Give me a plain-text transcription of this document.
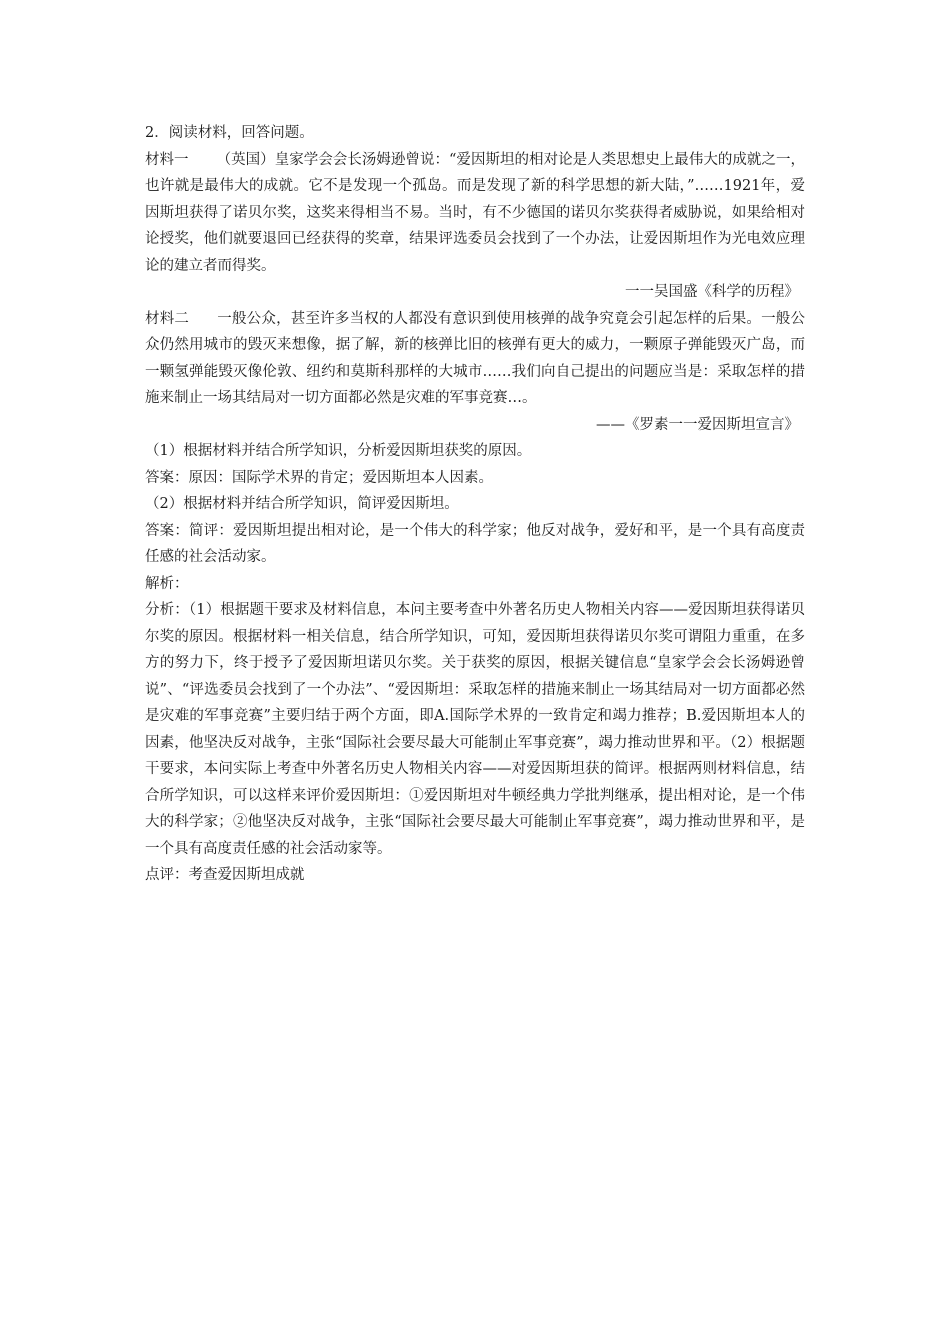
2．阅读材料，回答问题。
材料一 （英国）皇家学会会长汤姆逊曾说：“爱因斯坦的相对论是人类思想史上最伟大的成就之一，也许就是最伟大的成就。它不是发现一个孤岛。而是发现了新的科学思想的新大陆，”……1921年，爱因斯坦获得了诺贝尔奖，这奖来得相当不易。当时，有不少德国的诺贝尔奖获得者威胁说，如果给相对论授奖，他们就要退回已经获得的奖章，结果评选委员会找到了一个办法，让爱因斯坦作为光电效应理论的建立者而得奖。
一一吴国盛《科学的历程》
材料二 一般公众，甚至许多当权的人都没有意识到使用核弹的战争究竟会引起怎样的后果。一般公众仍然用城市的毁灭来想像，据了解，新的核弹比旧的核弹有更大的威力，一颗原子弹能毁灭广岛，而一颗氢弹能毁灭像伦敦、纽约和莫斯科那样的大城市……我们向自己提出的问题应当是：采取怎样的措施来制止一场其结局对一切方面都必然是灾难的军事竞赛…。
——《罗素一一爱因斯坦宣言》
（1）根据材料并结合所学知识，分析爱因斯坦获奖的原因。
答案：原因：国际学术界的肯定；爱因斯坦本人因素。
（2）根据材料并结合所学知识，简评爱因斯坦。
答案：简评：爱因斯坦提出相对论，是一个伟大的科学家；他反对战争，爱好和平，是一个具有高度责任感的社会活动家。
解析：
分析：（1）根据题干要求及材料信息，本问主要考查中外著名历史人物相关内容——爱因斯坦获得诺贝尔奖的原因。根据材料一相关信息，结合所学知识，可知，爱因斯坦获得诺贝尔奖可谓阻力重重，在多方的努力下，终于授予了爱因斯坦诺贝尔奖。关于获奖的原因，根据关键信息“皇家学会会长汤姆逊曾说”、“评选委员会找到了一个办法”、“爱因斯坦：采取怎样的措施来制止一场其结局对一切方面都必然是灾难的军事竞赛”主要归结于两个方面，即A.国际学术界的一致肯定和竭力推荐；B.爱因斯坦本人的因素，他坚决反对战争，主张“国际社会要尽最大可能制止军事竞赛”，竭力推动世界和平。（2）根据题干要求，本问实际上考查中外著名历史人物相关内容——对爱因斯坦获的简评。根据两则材料信息，结合所学知识，可以这样来评价爱因斯坦：①爱因斯坦对牛顿经典力学批判继承，提出相对论，是一个伟大的科学家；②他坚决反对战争，主张“国际社会要尽最大可能制止军事竞赛”，竭力推动世界和平，是一个具有高度责任感的社会活动家等。
点评：考查爱因斯坦成就
